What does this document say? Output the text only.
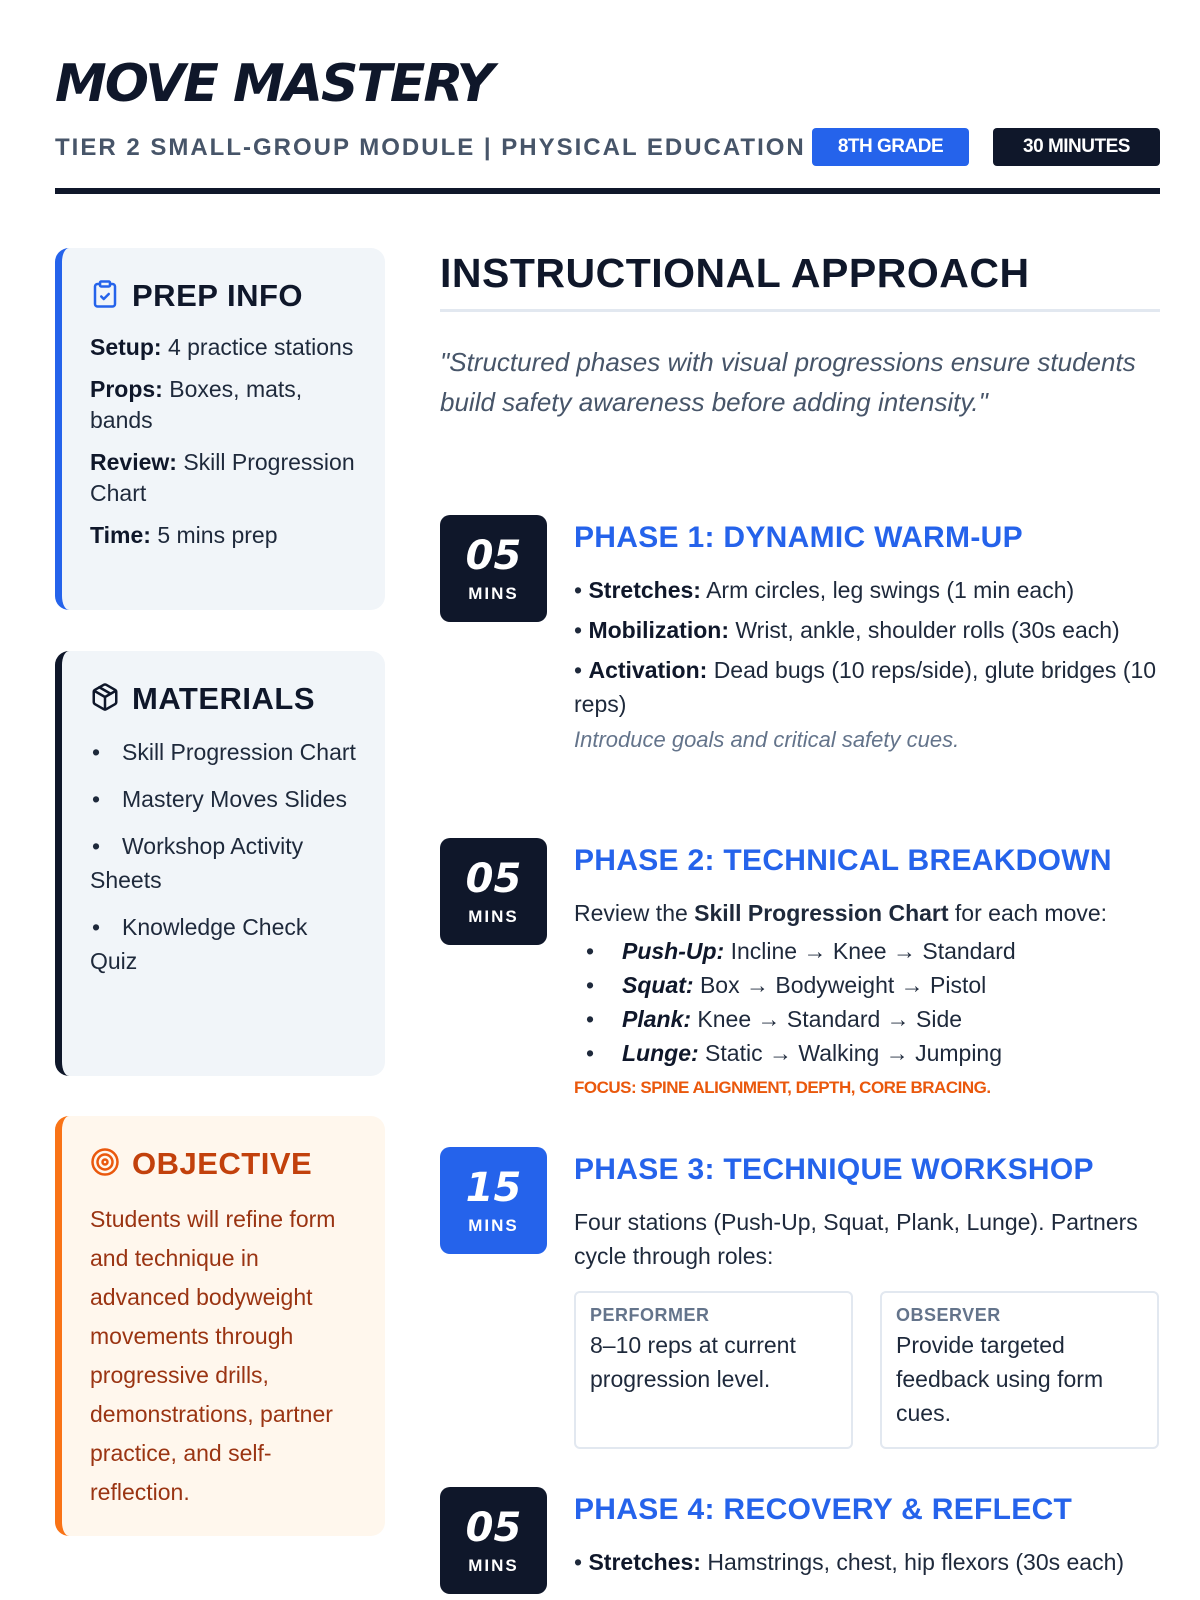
MOVE MASTERY
TIER 2 SMALL-GROUP MODULE | PHYSICAL EDUCATION	8TH GRADE	30 MINUTES
PREP INFO
Setup: 4 practice stations
Props: Boxes, mats, bands
Review: Skill Progression Chart
Time: 5 mins prep
MATERIALS
• Skill Progression Chart
• Mastery Moves Slides
• Workshop Activity Sheets
• Knowledge Check Quiz
OBJECTIVE
Students will refine form and technique in advanced bodyweight movements through progressive drills, demonstrations, partner practice, and self-reflection.
INSTRUCTIONAL APPROACH
"Structured phases with visual progressions ensure students build safety awareness before adding intensity."
05
MINS
PHASE 1: DYNAMIC WARM-UP
• Stretches: Arm circles, leg swings (1 min each)
• Mobilization: Wrist, ankle, shoulder rolls (30s each)
• Activation: Dead bugs (10 reps/side), glute bridges (10 reps)
Introduce goals and critical safety cues.
05
MINS
PHASE 2: TECHNICAL BREAKDOWN
Review the Skill Progression Chart for each move:
• Push-Up: Incline → Knee → Standard
• Squat: Box → Bodyweight → Pistol
• Plank: Knee → Standard → Side
• Lunge: Static → Walking → Jumping
FOCUS: SPINE ALIGNMENT, DEPTH, CORE BRACING.
15
MINS
PHASE 3: TECHNIQUE WORKSHOP
Four stations (Push-Up, Squat, Plank, Lunge). Partners cycle through roles:
PERFORMER
8–10 reps at current progression level.
OBSERVER
Provide targeted feedback using form cues.
05
MINS
PHASE 4: RECOVERY & REFLECT
• Stretches: Hamstrings, chest, hip flexors (30s each)
